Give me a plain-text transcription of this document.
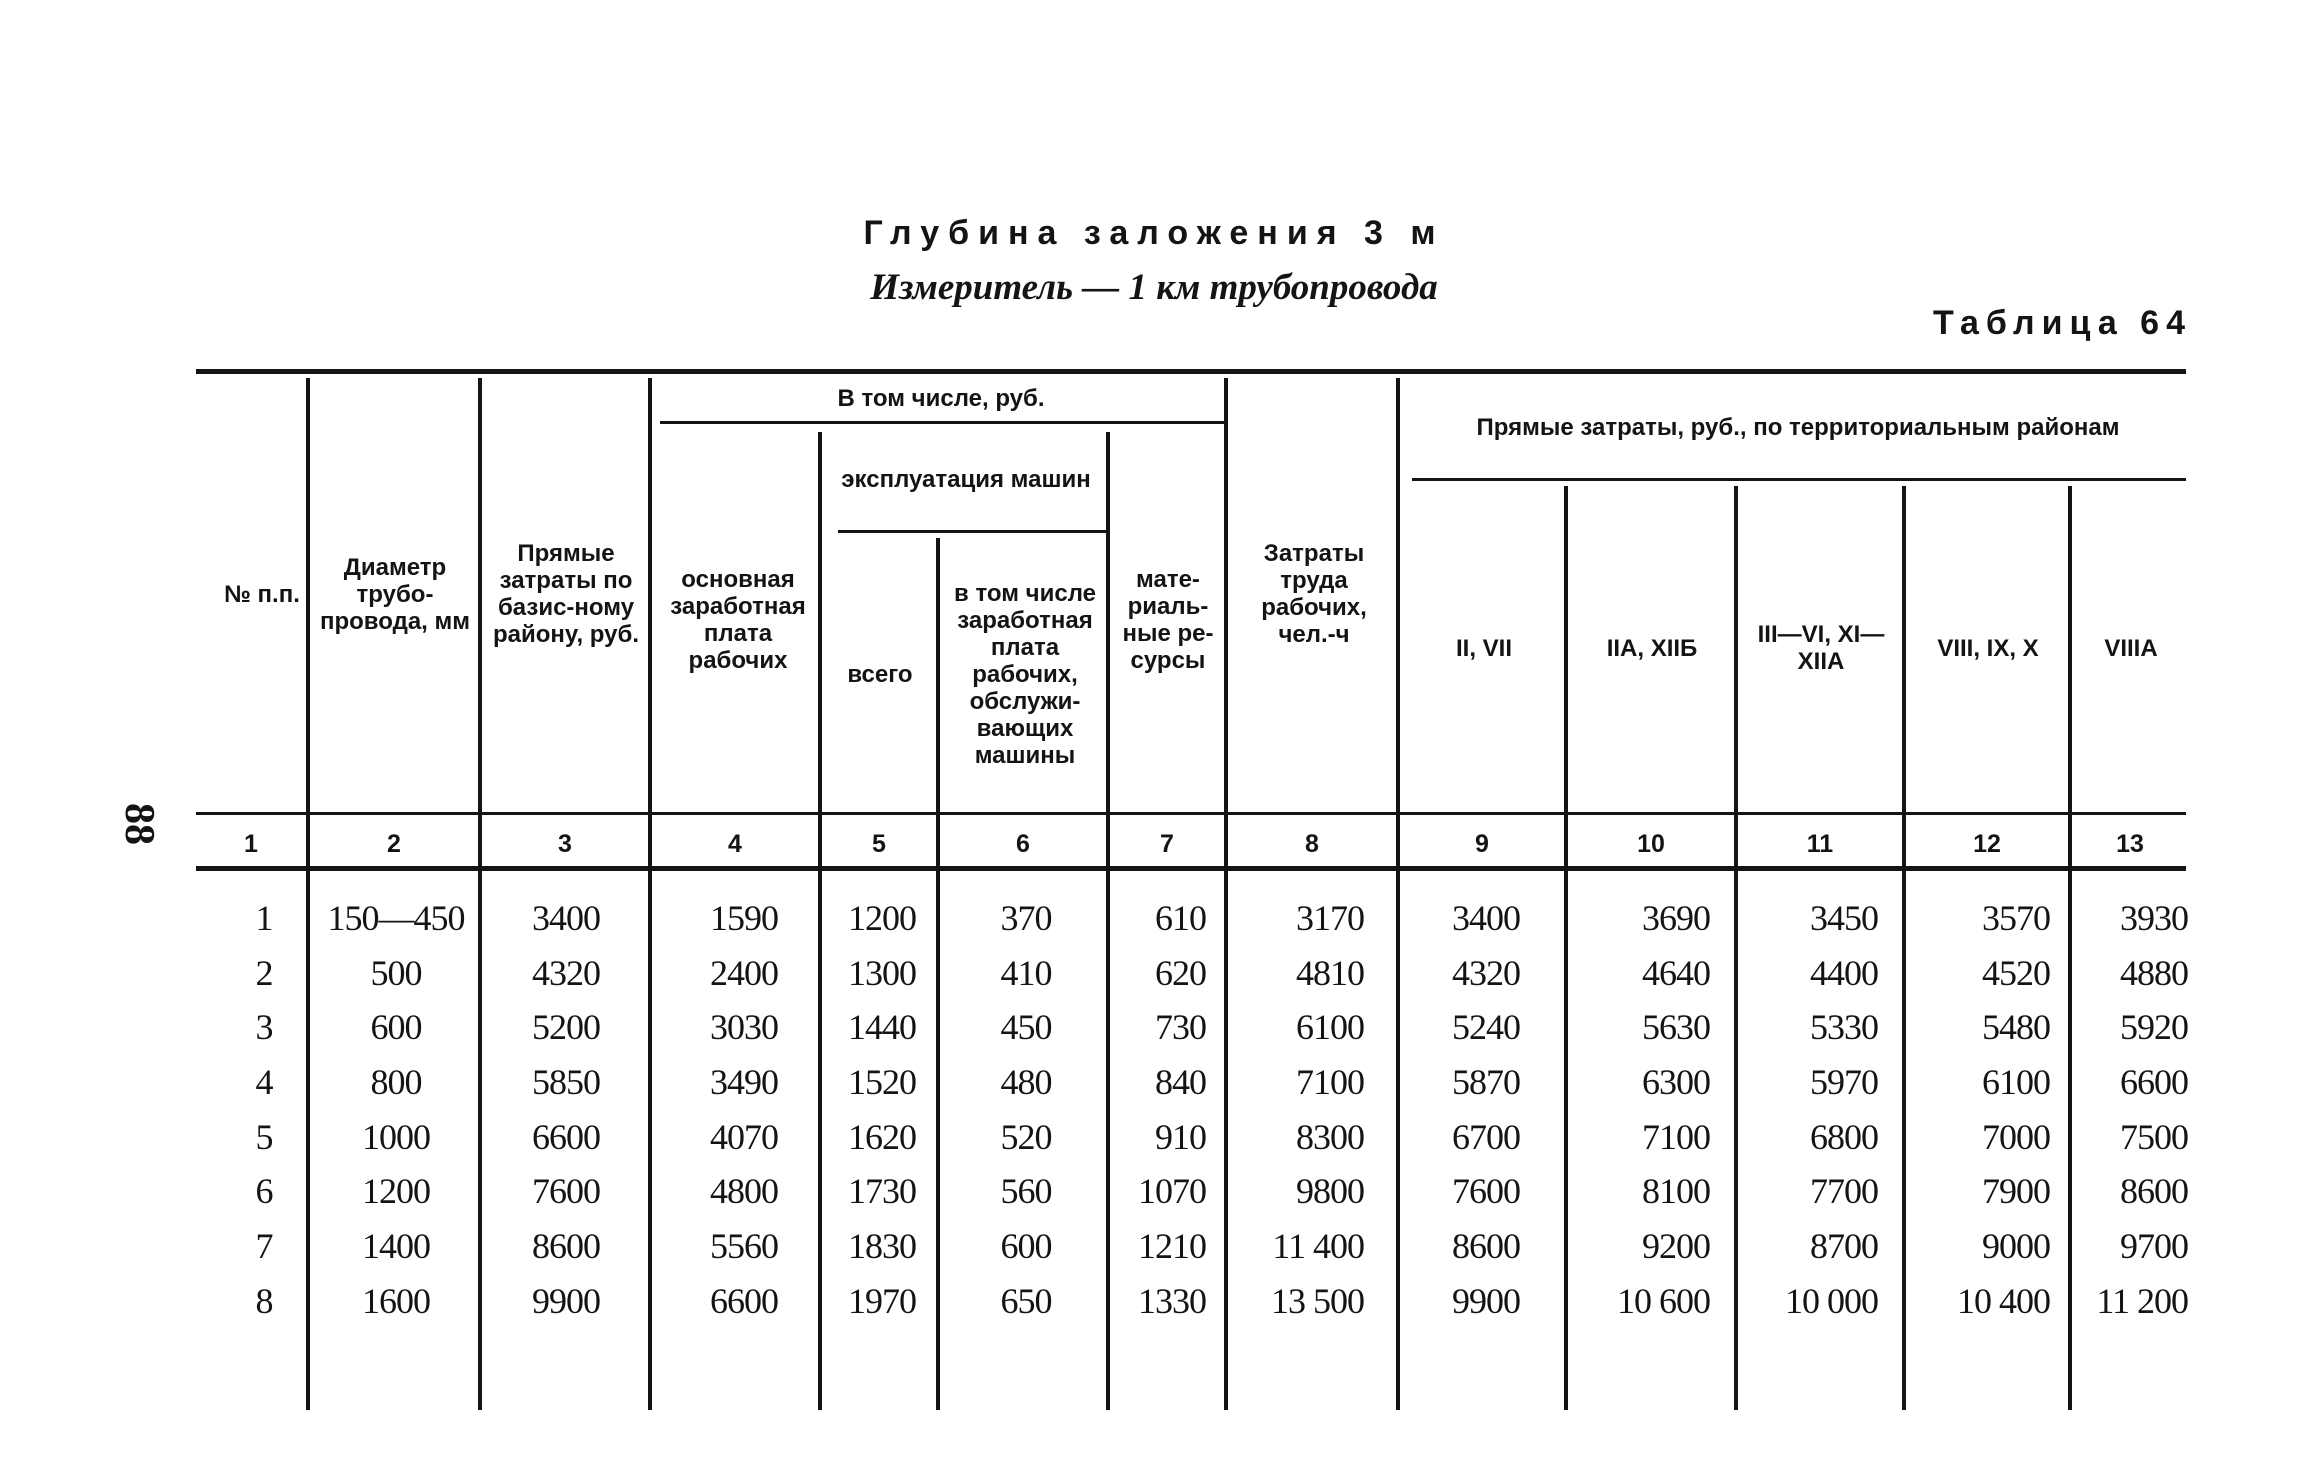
Глубина заложения 3 м
Измеритель — 1 км трубопровода
Таблица 64
88
№ п.п.
Диаметр трубо-провода, мм
Прямые затраты по базис-ному району, руб.
В том числе, руб.
основная заработная плата рабочих
эксплуатация машин
всего
в том числе заработная плата рабочих, обслужи-вающих машины
мате-риаль-ные ре-сурсы
Затраты труда рабочих, чел.-ч
Прямые затраты, руб., по территориальным районам
II, VII	IIА, XIIБ	III—VI, XI—XIIА	VIII, IX, X	VIIIА
1	2	3	4	5	6	7	8	9	10	11	12	13
1	150—450	3400	1590	1200	370	610	3170	3400	3690	3450	3570	3930
2	500	4320	2400	1300	410	620	4810	4320	4640	4400	4520	4880
3	600	5200	3030	1440	450	730	6100	5240	5630	5330	5480	5920
4	800	5850	3490	1520	480	840	7100	5870	6300	5970	6100	6600
5	1000	6600	4070	1620	520	910	8300	6700	7100	6800	7000	7500
6	1200	7600	4800	1730	560	1070	9800	7600	8100	7700	7900	8600
7	1400	8600	5560	1830	600	1210	11 400	8600	9200	8700	9000	9700
8	1600	9900	6600	1970	650	1330	13 500	9900	10 600	10 000	10 400	11 200
